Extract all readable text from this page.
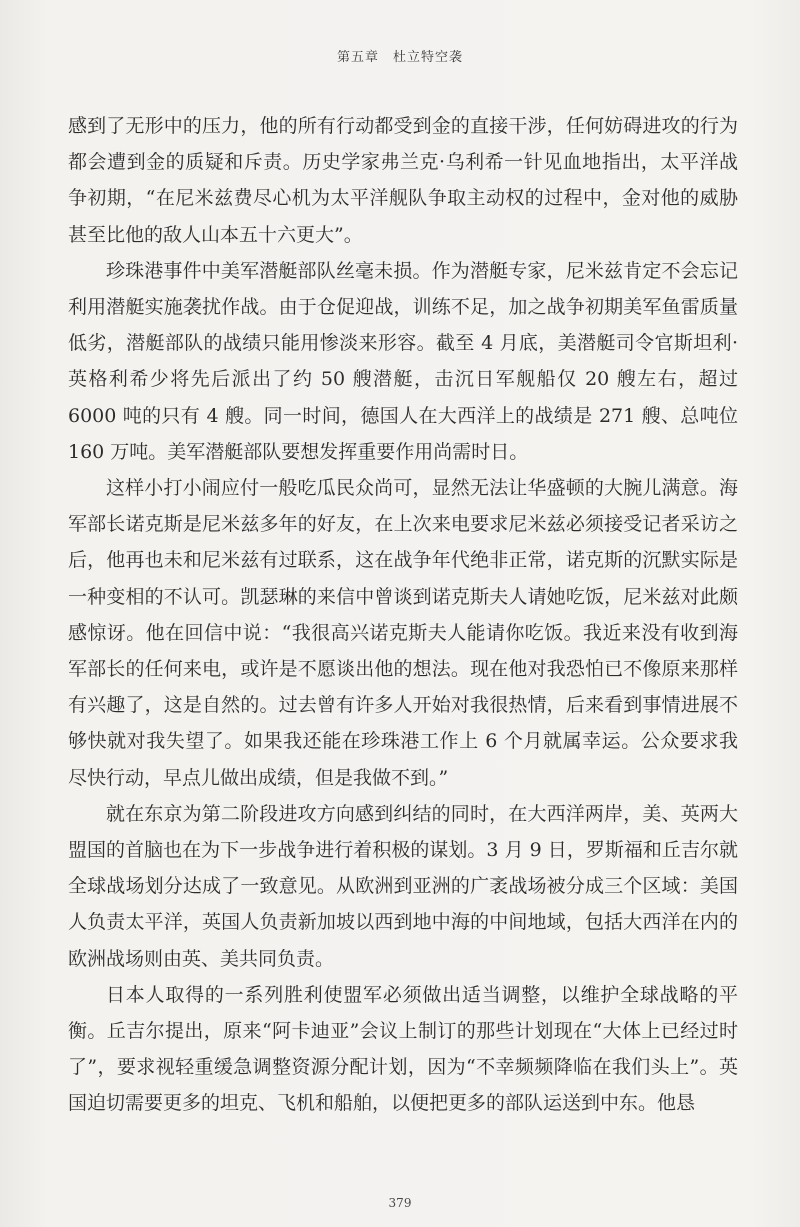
第五章　杜立特空袭

感到了无形中的压力，他的所有行动都受到金的直接干涉，任何妨碍进攻的行为都会遭到金的质疑和斥责。历史学家弗兰克·乌利希一针见血地指出，太平洋战争初期，“在尼米兹费尽心机为太平洋舰队争取主动权的过程中，金对他的威胁甚至比他的敌人山本五十六更大”。

珍珠港事件中美军潜艇部队丝毫未损。作为潜艇专家，尼米兹肯定不会忘记利用潜艇实施袭扰作战。由于仓促迎战，训练不足，加之战争初期美军鱼雷质量低劣，潜艇部队的战绩只能用惨淡来形容。截至 4 月底，美潜艇司令官斯坦利·英格利希少将先后派出了约 50 艘潜艇，击沉日军舰船仅 20 艘左右，超过 6000 吨的只有 4 艘。同一时间，德国人在大西洋上的战绩是 271 艘、总吨位 160 万吨。美军潜艇部队要想发挥重要作用尚需时日。

这样小打小闹应付一般吃瓜民众尚可，显然无法让华盛顿的大腕儿满意。海军部长诺克斯是尼米兹多年的好友，在上次来电要求尼米兹必须接受记者采访之后，他再也未和尼米兹有过联系，这在战争年代绝非正常，诺克斯的沉默实际是一种变相的不认可。凯瑟琳的来信中曾谈到诺克斯夫人请她吃饭，尼米兹对此颇感惊讶。他在回信中说：“我很高兴诺克斯夫人能请你吃饭。我近来没有收到海军部长的任何来电，或许是不愿谈出他的想法。现在他对我恐怕已不像原来那样有兴趣了，这是自然的。过去曾有许多人开始对我很热情，后来看到事情进展不够快就对我失望了。如果我还能在珍珠港工作上 6 个月就属幸运。公众要求我尽快行动，早点儿做出成绩，但是我做不到。”

就在东京为第二阶段进攻方向感到纠结的同时，在大西洋两岸，美、英两大盟国的首脑也在为下一步战争进行着积极的谋划。3 月 9 日，罗斯福和丘吉尔就全球战场划分达成了一致意见。从欧洲到亚洲的广袤战场被分成三个区域：美国人负责太平洋，英国人负责新加坡以西到地中海的中间地域，包括大西洋在内的欧洲战场则由英、美共同负责。

日本人取得的一系列胜利使盟军必须做出适当调整，以维护全球战略的平衡。丘吉尔提出，原来“阿卡迪亚”会议上制订的那些计划现在“大体上已经过时了”，要求视轻重缓急调整资源分配计划，因为“不幸频频降临在我们头上”。英国迫切需要更多的坦克、飞机和船舶，以便把更多的部队运送到中东。他恳

379
